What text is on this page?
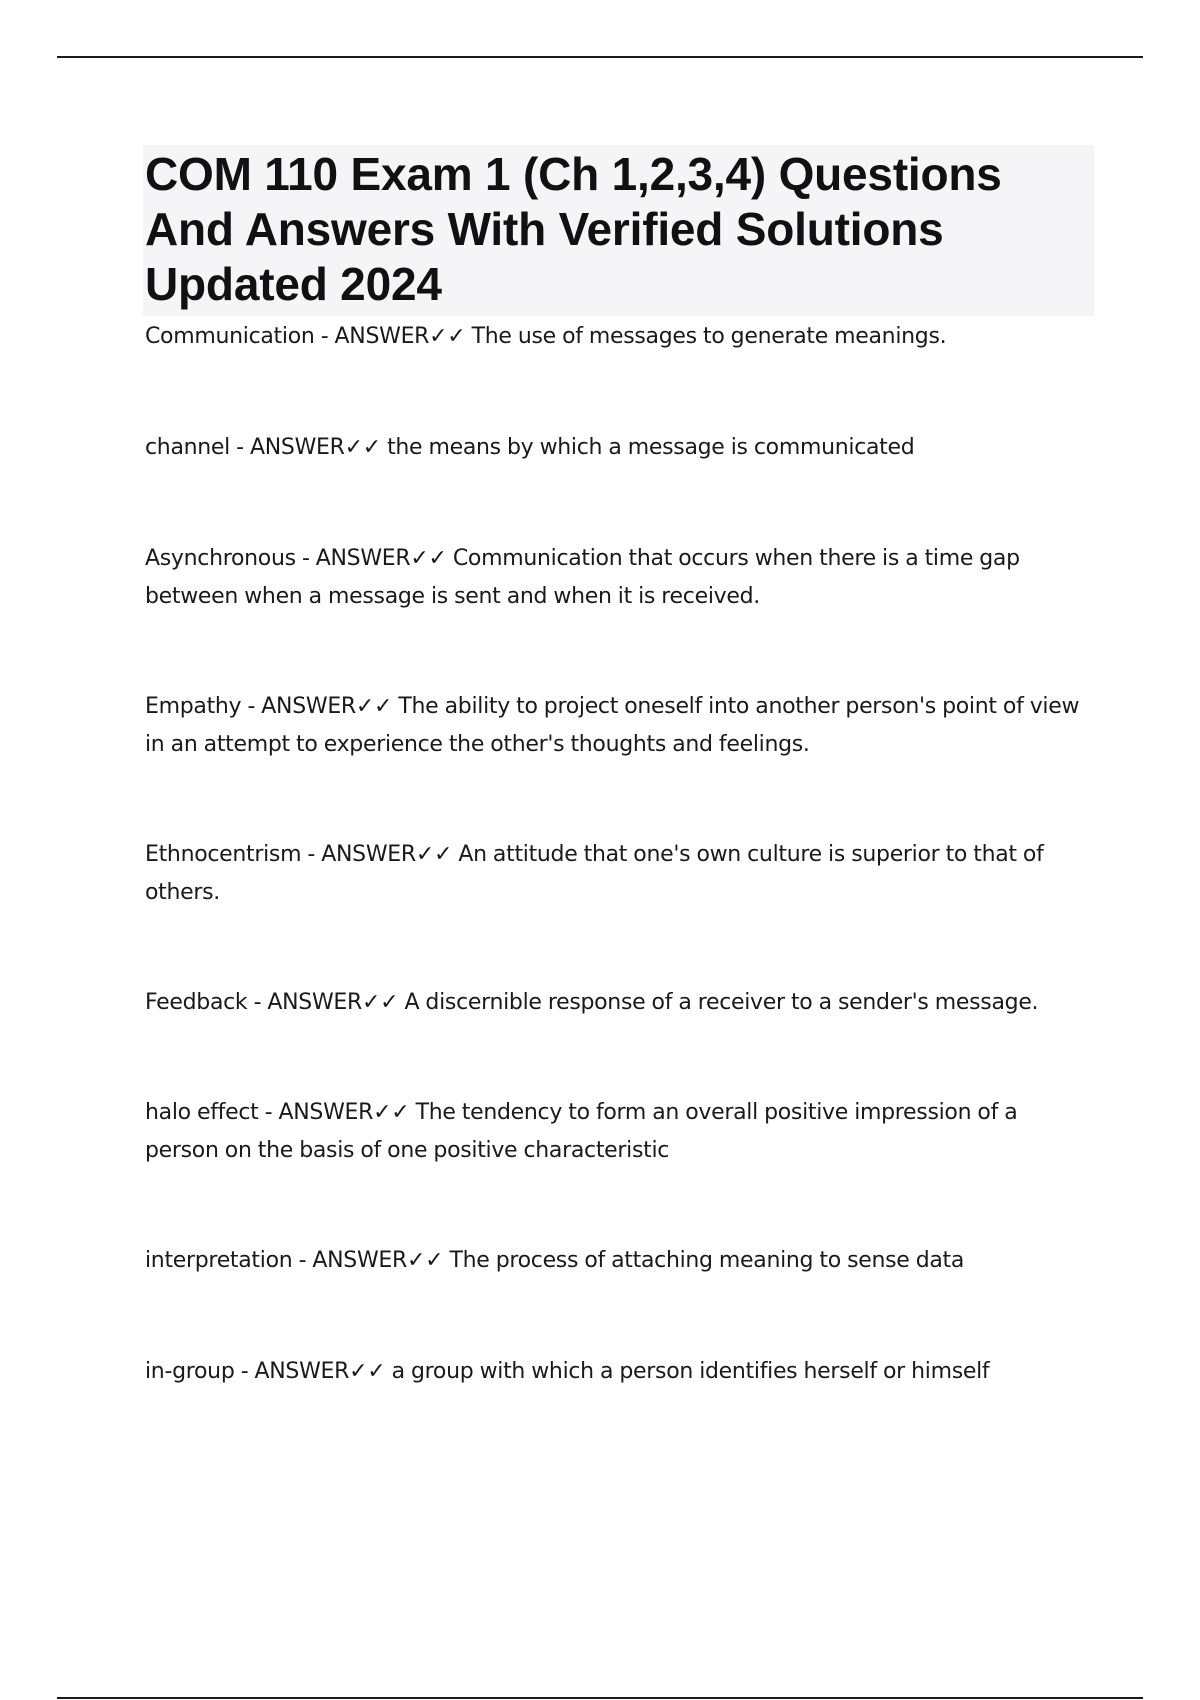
COM 110 Exam 1 (Ch 1,2,3,4) Questions And Answers With Verified Solutions Updated 2024
Communication - ANSWER✓✓ The use of messages to generate meanings.
channel - ANSWER✓✓ the means by which a message is communicated
Asynchronous - ANSWER✓✓ Communication that occurs when there is a time gap between when a message is sent and when it is received.
Empathy - ANSWER✓✓ The ability to project oneself into another person's point of view in an attempt to experience the other's thoughts and feelings.
Ethnocentrism - ANSWER✓✓ An attitude that one's own culture is superior to that of others.
Feedback - ANSWER✓✓ A discernible response of a receiver to a sender's message.
halo effect - ANSWER✓✓ The tendency to form an overall positive impression of a person on the basis of one positive characteristic
interpretation - ANSWER✓✓ The process of attaching meaning to sense data
in-group - ANSWER✓✓ a group with which a person identifies herself or himself
